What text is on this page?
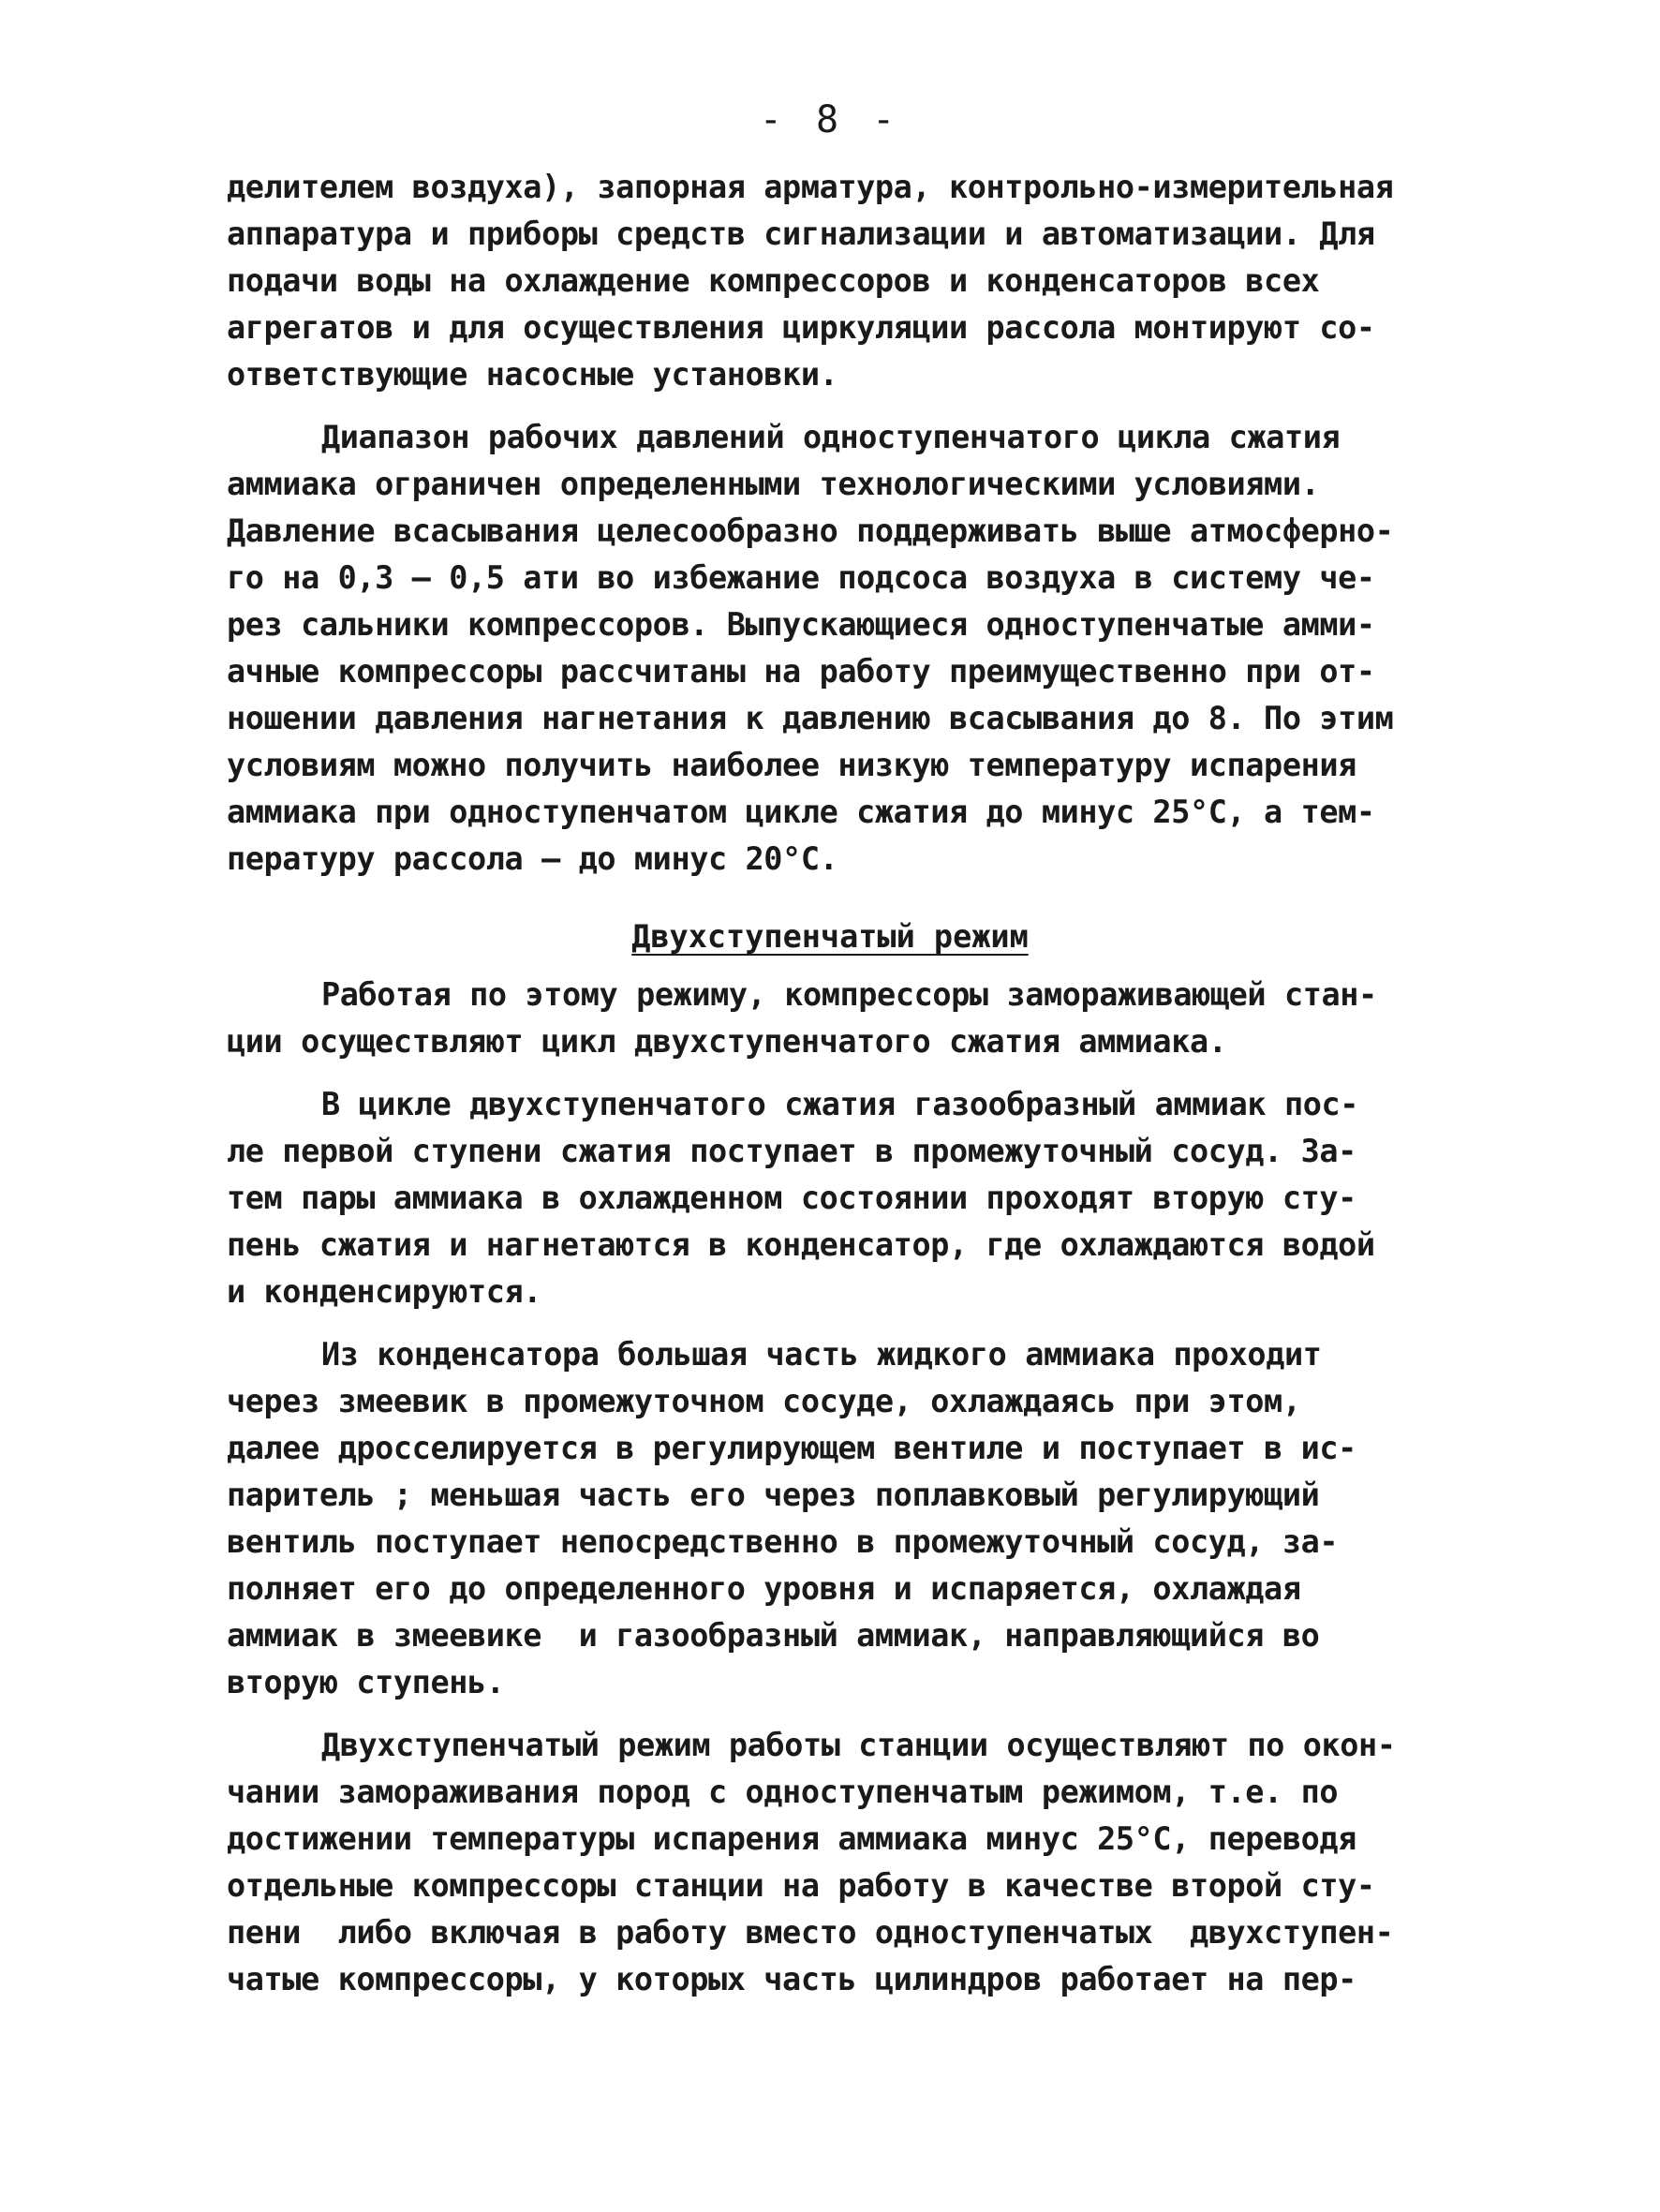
- 8 -
делителем воздуха), запорная арматура, контрольно-измерительная
аппаратура и приборы средств сигнализации и автоматизации. Для
подачи воды на охлаждение компрессоров и конденсаторов всех
агрегатов и для осуществления циркуляции рассола монтируют со-
ответствующие насосные установки.
Диапазон рабочих давлений одноступенчатого цикла сжатия
аммиака ограничен определенными технологическими условиями.
Давление всасывания целесообразно поддерживать выше атмосферно-
го на 0,3 – 0,5 ати во избежание подсоса воздуха в систему че-
рез сальники компрессоров. Выпускающиеся одноступенчатые амми-
ачные компрессоры рассчитаны на работу преимущественно при от-
ношении давления нагнетания к давлению всасывания до 8. По этим
условиям можно получить наиболее низкую температуру испарения
аммиака при одноступенчатом цикле сжатия до минус 25°С, а тем-
пературу рассола – до минус 20°С.
Двухступенчатый режим
Работая по этому режиму, компрессоры замораживающей стан-
ции осуществляют цикл двухступенчатого сжатия аммиака.
В цикле двухступенчатого сжатия газообразный аммиак пос-
ле первой ступени сжатия поступает в промежуточный сосуд. За-
тем пары аммиака в охлажденном состоянии проходят вторую сту-
пень сжатия и нагнетаются в конденсатор, где охлаждаются водой
и конденсируются.
Из конденсатора большая часть жидкого аммиака проходит
через змеевик в промежуточном сосуде, охлаждаясь при этом,
далее дросселируется в регулирующем вентиле и поступает в ис-
паритель ; меньшая часть его через поплавковый регулирующий
вентиль поступает непосредственно в промежуточный сосуд, за-
полняет его до определенного уровня и испаряется, охлаждая
аммиак в змеевике  и газообразный аммиак, направляющийся во
вторую ступень.
Двухступенчатый режим работы станции осуществляют по окон-
чании замораживания пород с одноступенчатым режимом, т.е. по
достижении температуры испарения аммиака минус 25°С, переводя
отдельные компрессоры станции на работу в качестве второй сту-
пени  либо включая в работу вместо одноступенчатых  двухступен-
чатые компрессоры, у которых часть цилиндров работает на пер-
